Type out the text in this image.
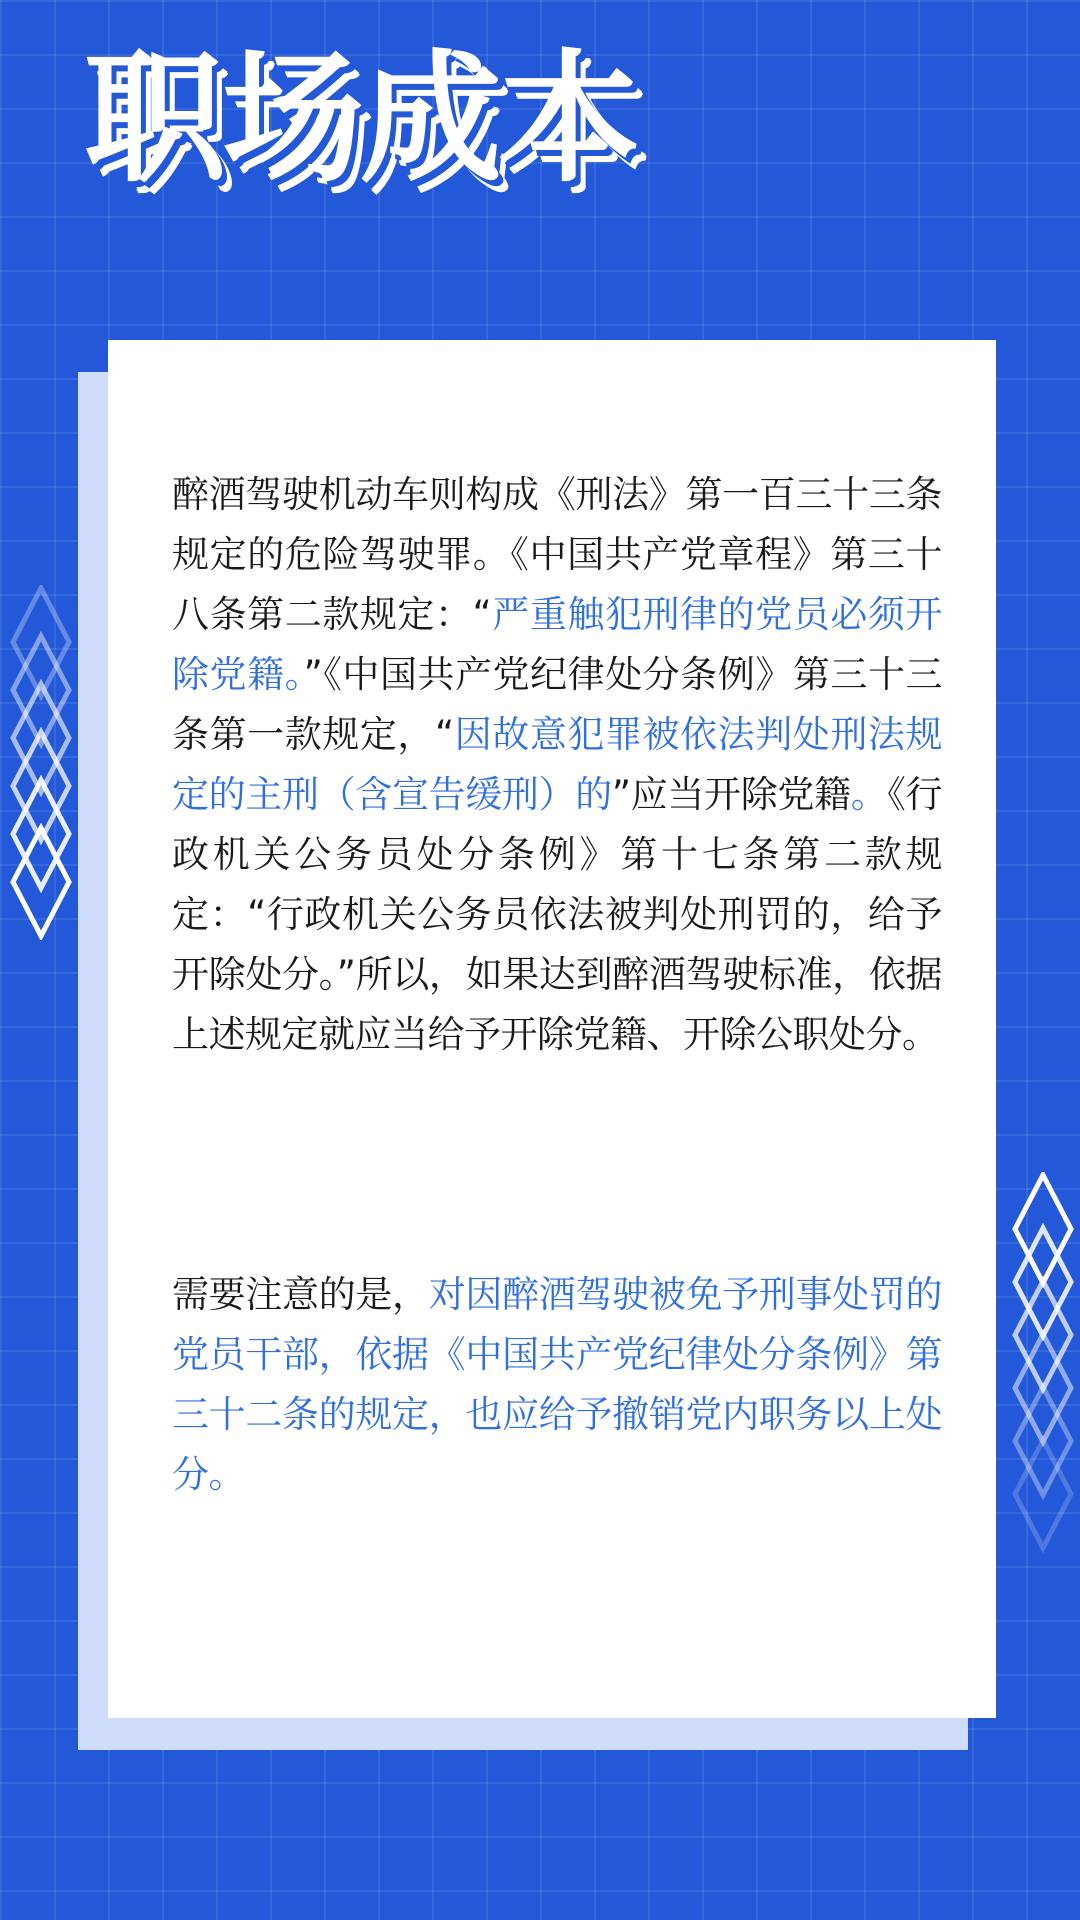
职场成本

醉酒驾驶机动车则构成《刑法》第一百三十三条规定的危险驾驶罪。《中国共产党章程》第三十八条第二款规定：“严重触犯刑律的党员必须开除党籍。”《中国共产党纪律处分条例》第三十三条第一款规定，“因故意犯罪被依法判处刑法规定的主刑（含宣告缓刑）的”应当开除党籍。《行政机关公务员处分条例》第十七条第二款规定：“行政机关公务员依法被判处刑罚的，给予开除处分。”所以，如果达到醉酒驾驶标准，依据上述规定就应当给予开除党籍、开除公职处分。

需要注意的是，对因醉酒驾驶被免予刑事处罚的党员干部，依据《中国共产党纪律处分条例》第三十二条的规定，也应给予撤销党内职务以上处分。
